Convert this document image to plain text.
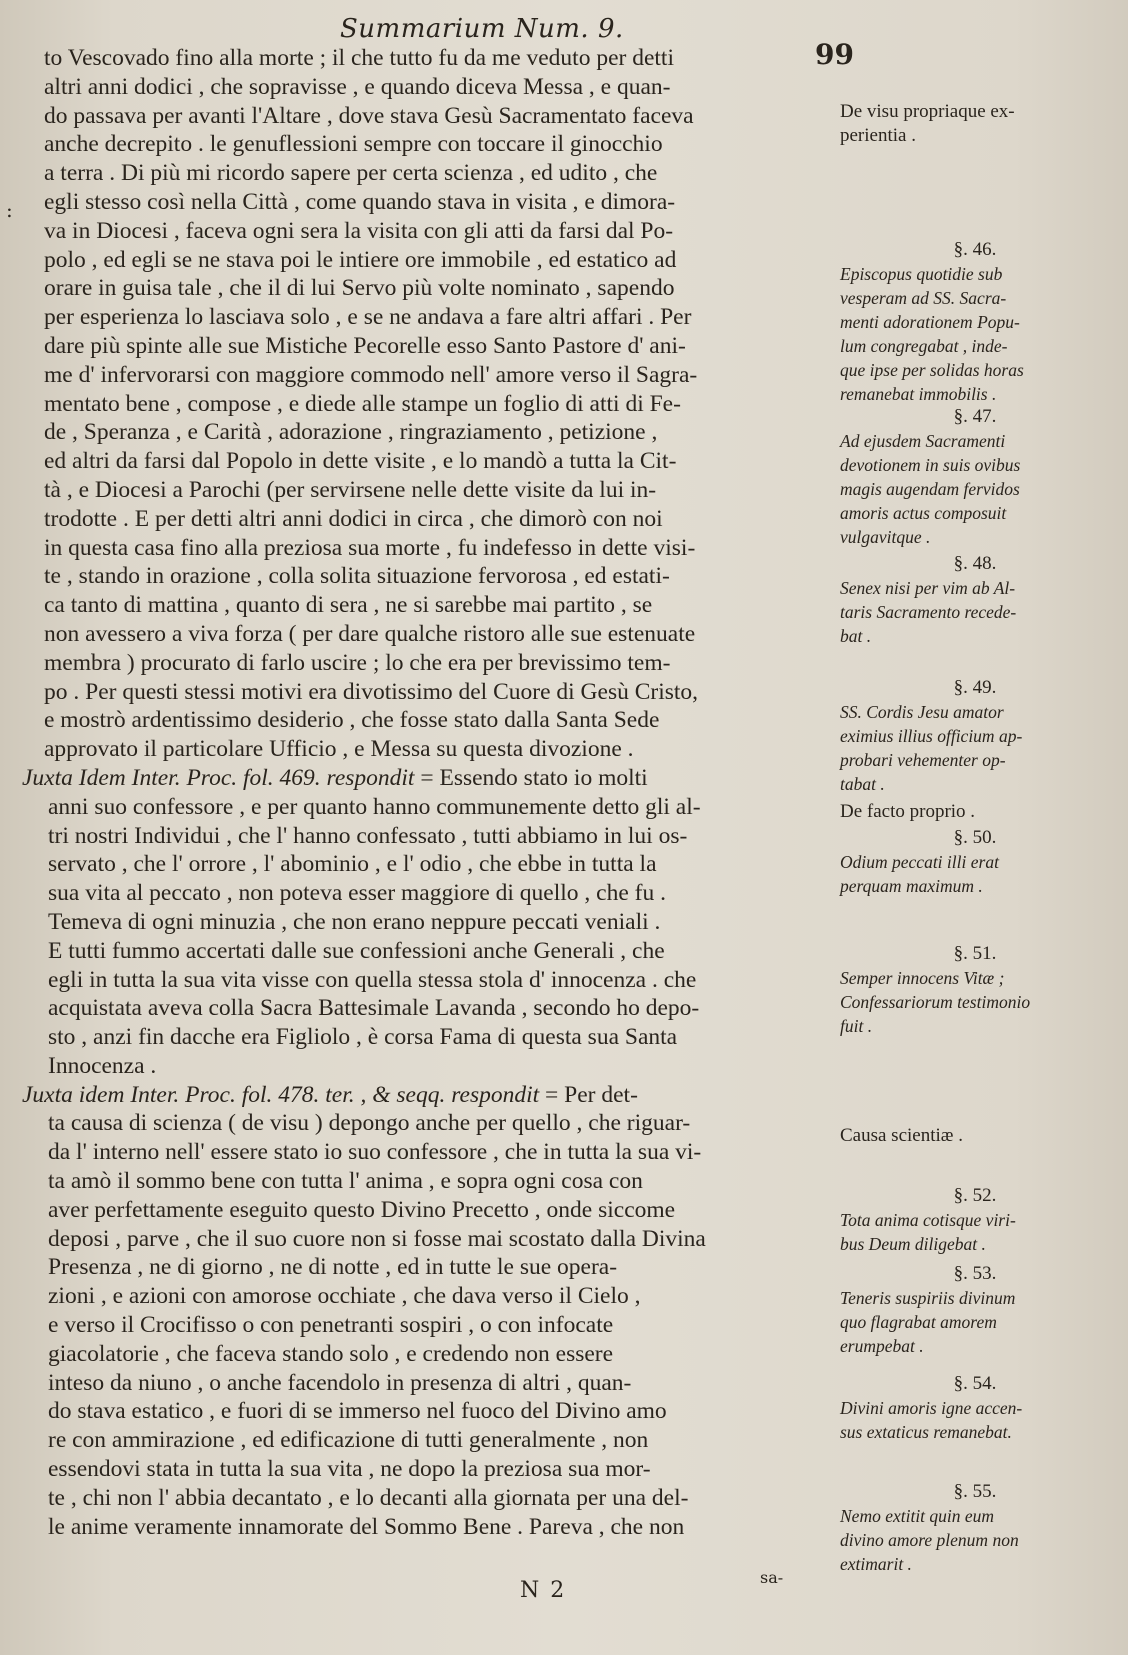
Summarium Num. 9.
99
:
to Vescovado fino alla morte ; il che tutto fu da me veduto per detti
altri anni dodici , che sopravisse , e quando diceva Messa , e quan-
do passava per avanti l'Altare , dove stava Gesù Sacramentato faceva
anche decrepito . le genuflessioni sempre con toccare il ginocchio
a terra . Di più mi ricordo sapere per certa scienza , ed udito , che
egli stesso così nella Città , come quando stava in visita , e dimora-
va in Diocesi , faceva ogni sera la visita con gli atti da farsi dal Po-
polo , ed egli se ne stava poi le intiere ore immobile , ed estatico ad
orare in guisa tale , che il di lui Servo più volte nominato , sapendo
per esperienza lo lasciava solo , e se ne andava a fare altri affari . Per
dare più spinte alle sue Mistiche Pecorelle esso Santo Pastore d' ani-
me d' infervorarsi con maggiore commodo nell' amore verso il Sagra-
mentato bene , compose , e diede alle stampe un foglio di atti di Fe-
de , Speranza , e Carità , adorazione , ringraziamento , petizione ,
ed altri da farsi dal Popolo in dette visite , e lo mandò a tutta la Cit-
tà , e Diocesi a Parochi (per servirsene nelle dette visite da lui in-
trodotte . E per detti altri anni dodici in circa , che dimorò con noi
in questa casa fino alla preziosa sua morte , fu indefesso in dette visi-
te , stando in orazione , colla solita situazione fervorosa , ed estati-
ca tanto di mattina , quanto di sera , ne si sarebbe mai partito , se
non avessero a viva forza ( per dare qualche ristoro alle sue estenuate
membra ) procurato di farlo uscire ; lo che era per brevissimo tem-
po . Per questi stessi motivi era divotissimo del Cuore di Gesù Cristo,
e mostrò ardentissimo desiderio , che fosse stato dalla Santa Sede
approvato il particolare Ufficio , e Messa su questa divozione .
Juxta Idem Inter. Proc. fol. 469. respondit = Essendo stato io molti
anni suo confessore , e per quanto hanno communemente detto gli al-
tri nostri Individui , che l' hanno confessato , tutti abbiamo in lui os-
servato , che l' orrore , l' abominio , e l' odio , che ebbe in tutta la
sua vita al peccato , non poteva esser maggiore di quello , che fu .
Temeva di ogni minuzia , che non erano neppure peccati veniali .
E tutti fummo accertati dalle sue confessioni anche Generali , che
egli in tutta la sua vita visse con quella stessa stola d' innocenza . che
acquistata aveva colla Sacra Battesimale Lavanda , secondo ho depo-
sto , anzi fin dacche era Figliolo , è corsa Fama di questa sua Santa
Innocenza .
Juxta idem Inter. Proc. fol. 478. ter. , & seqq. respondit = Per det-
ta causa di scienza ( de visu ) depongo anche per quello , che riguar-
da l' interno nell' essere stato io suo confessore , che in tutta la sua vi-
ta amò il sommo bene con tutta l' anima , e sopra ogni cosa con
aver perfettamente eseguito questo Divino Precetto , onde siccome
deposi , parve , che il suo cuore non si fosse mai scostato dalla Divina
Presenza , ne di giorno , ne di notte , ed in tutte le sue opera-
zioni , e azioni con amorose occhiate , che dava verso il Cielo ,
e verso il Crocifisso o con penetranti sospiri , o con infocate
giacolatorie , che faceva stando solo , e credendo non essere
inteso da niuno , o anche facendolo in presenza di altri , quan-
do stava estatico , e fuori di se immerso nel fuoco del Divino amo
re con ammirazione , ed edificazione di tutti generalmente , non
essendovi stata in tutta la sua vita , ne dopo la preziosa sua mor-
te , chi non l' abbia decantato , e lo decanti alla giornata per una del-
le anime veramente innamorate del Sommo Bene . Pareva , che non
De visu propriaque ex-
perientia .
§. 46.
Episcopus quotidie sub
vesperam ad SS. Sacra-
menti adorationem Popu-
lum congregabat , inde-
que ipse per solidas horas
remanebat immobilis .
§. 47.
Ad ejusdem Sacramenti
devotionem in suis ovibus
magis augendam fervidos
amoris actus composuit
vulgavitque .
§. 48.
Senex nisi per vim ab Al-
taris Sacramento recede-
bat .
§. 49.
SS. Cordis Jesu amator
eximius illius officium ap-
probari vehementer op-
tabat .
De facto proprio .
§. 50.
Odium peccati illi erat
perquam maximum .
§. 51.
Semper innocens Vitæ ;
Confessariorum testimonio
fuit .
Causa scientiæ .
§. 52.
Tota anima cotisque viri-
bus Deum diligebat .
§. 53.
Teneris suspiriis divinum
quo flagrabat amorem
erumpebat .
§. 54.
Divini amoris igne accen-
sus extaticus remanebat.
§. 55.
Nemo extitit quin eum
divino amore plenum non
extimarit .
N 2
sa-
